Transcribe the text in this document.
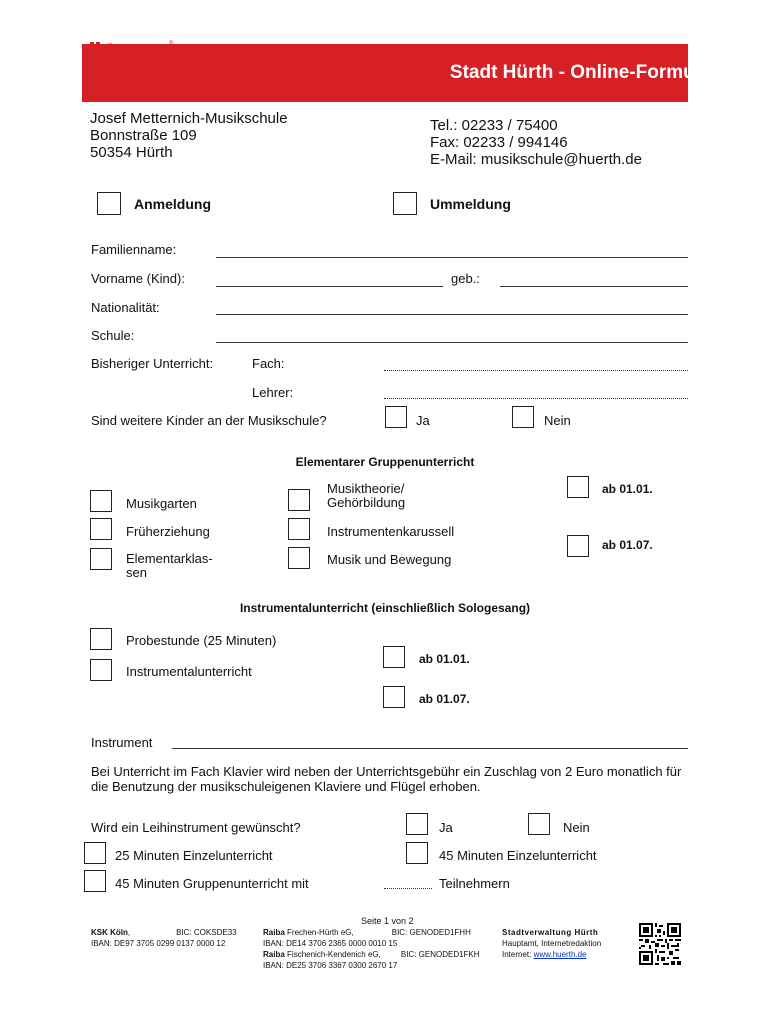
Stadt Hürth - Online-Formular
Josef Metternich-Musikschule
Bonnstraße 109
50354 Hürth
Tel.: 02233 / 75400
Fax: 02233 / 994146
E-Mail: musikschule@huerth.de
Anmeldung	Ummeldung
Familienname:
Vorname (Kind):	geb.:
Nationalität:
Schule:
Bisheriger Unterricht:	Fach:
Lehrer:
Sind weitere Kinder an der Musikschule?	Ja	Nein
Elementarer Gruppenunterricht
Musikgarten
Früherziehung
Elementarklas-
sen
Musiktheorie/
Gehörbildung
Instrumentenkarussell
Musik und Bewegung
ab 01.01.
ab 01.07.
Instrumentalunterricht (einschließlich Sologesang)
Probestunde (25 Minuten)
Instrumentalunterricht
ab 01.01.
ab 01.07.
Instrument
Bei Unterricht im Fach Klavier wird neben der Unterrichtsgebühr ein Zuschlag von 2 Euro monatlich für
die Benutzung der musikschuleigenen Klaviere und Flügel erhoben.
Wird ein Leihinstrument gewünscht?	Ja	Nein
25 Minuten Einzelunterricht	45 Minuten Einzelunterricht
45 Minuten Gruppenunterricht mit	Teilnehmern
Seite 1 von 2
KSK Köln,	BIC: COKSDE33
IBAN: DE97 3705 0299 0137 0000 12
Raiba Frechen-Hürth eG,	BIC: GENODED1FHH
IBAN: DE14 3706 2365 0000 0010 15
Raiba Fischenich-Kendenich eG,	BIC: GENODED1FKH
IBAN: DE25 3706 3367 0300 2670 17
Stadtverwaltung Hürth
Hauptamt, Internetredaktion
Internet: www.huerth.de
